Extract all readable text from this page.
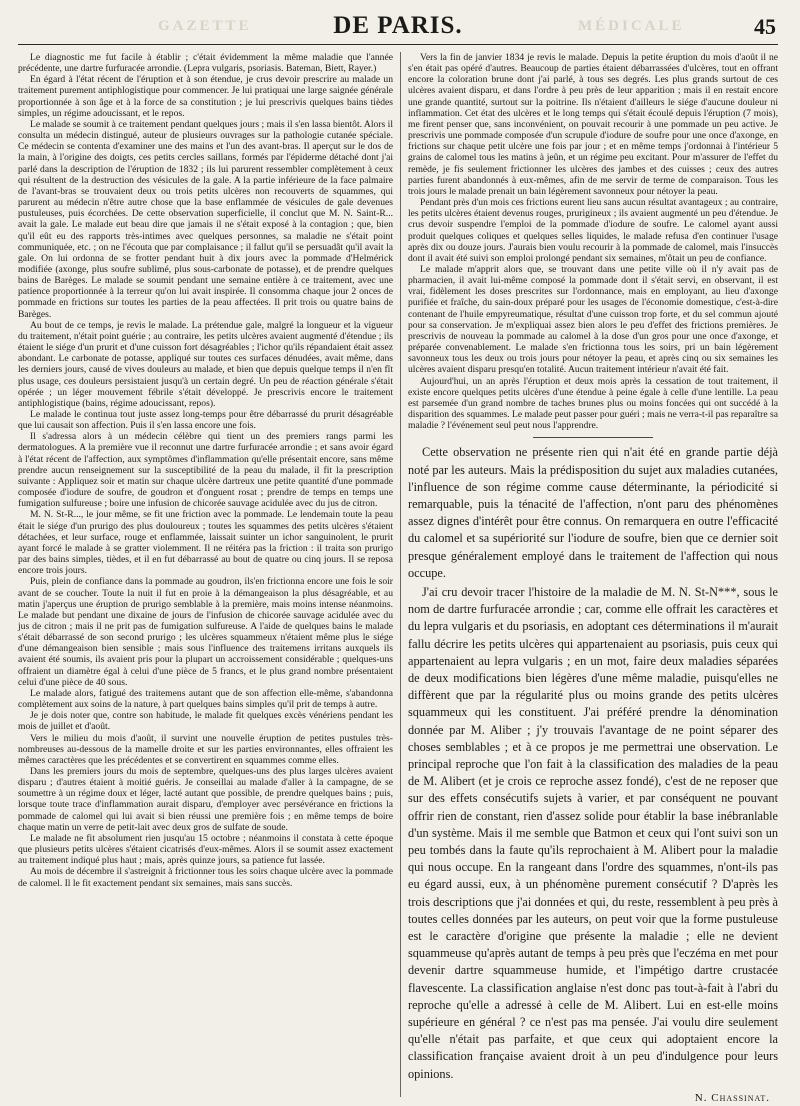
GAZETTE	MÉDICALE
DE PARIS.	45

Le diagnostic me fut facile à établir ; c'était évidemment la même maladie que l'année précédente, une dartre furfuracée arrondie. (Lepra vulgaris, psoriasis. Bateman, Biett, Rayer.)

En égard à l'état récent de l'éruption et à son étendue, je crus devoir prescrire au malade un traitement purement antiphlogistique pour commencer. Je lui pratiquai une large saignée générale proportionnée à son âge et à la force de sa constitution ; je lui prescrivis quelques bains tièdes simples, un régime adoucissant, et le repos.

Le malade se soumit à ce traitement pendant quelques jours ; mais il s'en lassa bientôt. Alors il consulta un médecin distingué, auteur de plusieurs ouvrages sur la pathologie cutanée spéciale. Ce médecin se contenta d'examiner une des mains et l'un des avant-bras. Il aperçut sur le dos de la main, à l'origine des doigts, ces petits cercles saillans, formés par l'épiderme détaché dont j'ai parlé dans la description de l'éruption de 1832 ; ils lui parurent ressembler complètement à ceux qui résultent de la destruction des vésicules de la gale. A la partie inférieure de la face palmaire de l'avant-bras se trouvaient deux ou trois petits ulcères non recouverts de squammes, qui parurent au médecin n'être autre chose que la base enflammée de vésicules de gale devenues pustuleuses, puis écorchées. De cette observation superficielle, il conclut que M. N. Saint-R... avait la gale. Le malade eut beau dire que jamais il ne s'était exposé à la contagion ; que, bien qu'il eût eu des rapports très-intimes avec quelques personnes, sa maladie ne s'était point communiquée, etc. ; on ne l'écouta que par complaisance ; il fallut qu'il se persuadât qu'il avait la gale. On lui ordonna de se frotter pendant huit à dix jours avec la pommade d'Helmérick modifiée (axonge, plus soufre sublimé, plus sous-carbonate de potasse), et de prendre quelques bains de Barèges. Le malade se soumit pendant une semaine entière à ce traitement, avec une patience proportionnée à la terreur qu'on lui avait inspirée. Il consomma chaque jour 2 onces de pommade en frictions sur toutes les parties de la peau affectées. Il prit trois ou quatre bains de Barèges.

Au bout de ce temps, je revis le malade. La prétendue gale, malgré la longueur et la vigueur du traitement, n'était point guérie ; au contraire, les petits ulcères avaient augmenté d'étendue ; ils étaient le siége d'un prurit et d'une cuisson fort désagréables ; l'ichor qu'ils répandaient était assez abondant. Le carbonate de potasse, appliqué sur toutes ces surfaces dénudées, avait même, dans les derniers jours, causé de vives douleurs au malade, et bien que depuis quelque temps il n'en fît plus usage, ces douleurs persistaient jusqu'à un certain degré. Un peu de réaction générale s'était opérée ; un léger mouvement fébrile s'était développé. Je prescrivis encore le traitement antiphlogistique (bains, régime adoucissant, repos).

Le malade le continua tout juste assez long-temps pour être débarrassé du prurit désagréable que lui causait son affection. Puis il s'en lassa encore une fois.

Il s'adressa alors à un médecin célèbre qui tient un des premiers rangs parmi les dermatologues. A la première vue il reconnut une dartre furfuracée arrondie ; et sans avoir égard à l'état récent de l'affection, aux symptômes d'inflammation qu'elle présentait encore, sans même prendre aucun renseignement sur la susceptibilité de la peau du malade, il fit la prescription suivante : Appliquez soir et matin sur chaque ulcère dartreux une petite quantité d'une pommade composée d'iodure de soufre, de goudron et d'onguent rosat ; prendre de temps en temps une fumigation sulfureuse ; boire une infusion de chicorée sauvage acidulée avec du jus de citron.

M. N. St-R..., le jour même, se fit une friction avec la pommade. Le lendemain toute la peau était le siége d'un prurigo des plus douloureux ; toutes les squammes des petits ulcères s'étaient détachées, et leur surface, rouge et enflammée, laissait suinter un ichor sanguinolent, le prurit ayant forcé le malade à se gratter violemment. Il ne réitéra pas la friction : il traita son prurigo par des bains simples, tièdes, et il en fut débarrassé au bout de quatre ou cinq jours. Il se reposa encore trois jours.

Puis, plein de confiance dans la pommade au goudron, ils'en frictionna encore une fois le soir avant de se coucher. Toute la nuit il fut en proie à la démangeaison la plus désagréable, et au matin j'aperçus une éruption de prurigo semblable à la première, mais moins intense néanmoins. Le malade but pendant une dixaine de jours de l'infusion de chicorée sauvage acidulée avec du jus de citron ; mais il ne prit pas de fumigation sulfureuse. A l'aide de quelques bains le malade s'était débarrassé de son second prurigo ; les ulcères squammeux n'étaient même plus le siége d'une démangeaison bien sensible ; mais sous l'influence des traitemens irritans auxquels ils avaient été soumis, ils avaient pris pour la plupart un accroissement considérable ; quelques-uns offraient un diamètre égal à celui d'une pièce de 5 francs, et le plus grand nombre présentaient celui d'une pièce de 40 sous.

Le malade alors, fatigué des traitemens autant que de son affection elle-même, s'abandonna complètement aux soins de la nature, à part quelques bains simples qu'il prit de temps à autre.

Je je dois noter que, contre son habitude, le malade fit quelques excès vénériens pendant les mois de juillet et d'août.

Vers le milieu du mois d'août, il survint une nouvelle éruption de petites pustules très-nombreuses au-dessous de la mamelle droite et sur les parties environnantes, elles offraient les mêmes caractères que les précédentes et se convertirent en squammes comme elles.

Dans les premiers jours du mois de septembre, quelques-uns des plus larges ulcères avaient disparu ; d'autres étaient à moitié guéris. Je conseillai au malade d'aller à la campagne, de se soumettre à un régime doux et léger, lacté autant que possible, de prendre quelques bains ; puis, lorsque toute trace d'inflammation aurait disparu, d'employer avec persévérance en frictions la pommade de calomel qui lui avait si bien réussi une première fois ; en même temps de boire chaque matin un verre de petit-lait avec deux gros de sulfate de soude.

Le malade ne fit absolument rien jusqu'au 15 octobre ; néanmoins il constata à cette époque que plusieurs petits ulcères s'étaient cicatrisés d'eux-mêmes. Alors il se soumit assez exactement au traitement indiqué plus haut ; mais, après quinze jours, sa patience fut lassée.

Au mois de décembre il s'astreignit à frictionner tous les soirs chaque ulcère avec la pommade de calomel. Il le fit exactement pendant six semaines, mais sans succès.

Vers la fin de janvier 1834 je revis le malade. Depuis la petite éruption du mois d'août il ne s'en était pas opéré d'autres. Beaucoup de parties étaient débarrassées d'ulcères, tout en offrant encore la coloration brune dont j'ai parlé, à tous ses degrés. Les plus grands surtout de ces ulcères avaient disparu, et dans l'ordre à peu près de leur apparition ; mais il en restait encore une grande quantité, surtout sur la poitrine. Ils n'étaient d'ailleurs le siége d'aucune douleur ni inflammation. Cet état des ulcères et le long temps qui s'était écoulé depuis l'éruption (7 mois), me firent penser que, sans inconvénient, on pouvait recourir à une pommade un peu active. Je prescrivis une pommade composée d'un scrupule d'iodure de soufre pour une once d'axonge, en frictions sur chaque petit ulcère une fois par jour ; et en même temps j'ordonnai à l'intérieur 5 grains de calomel tous les matins à jeûn, et un régime peu excitant. Pour m'assurer de l'effet du remède, je fis seulement frictionner les ulcères des jambes et des cuisses ; ceux des autres parties furent abandonnés à eux-mêmes, afin de me servir de terme de comparaison. Tous les trois jours le malade prenait un bain légèrement savonneux pour nétoyer la peau.

Pendant près d'un mois ces frictions eurent lieu sans aucun résultat avantageux ; au contraire, les petits ulcères étaient devenus rouges, prurigineux ; ils avaient augmenté un peu d'étendue. Je crus devoir suspendre l'emploi de la pommade d'iodure de soufre. Le calomel ayant aussi produit quelques coliques et quelques selles liquides, le malade refusa d'en continuer l'usage après dix ou douze jours. J'aurais bien voulu recourir à la pommade de calomel, mais l'insuccès dont il avait été suivi son emploi prolongé pendant six semaines, m'ôtait un peu de confiance.

Le malade m'apprit alors que, se trouvant dans une petite ville où il n'y avait pas de pharmacien, il avait lui-même composé la pommade dont il s'était servi, en observant, il est vrai, fidèlement les doses prescrites sur l'ordonnance, mais en employant, au lieu d'axonge purifiée et fraîche, du sain-doux préparé pour les usages de l'économie domestique, c'est-à-dire contenant de l'huile empyreumatique, résultat d'une cuisson trop forte, et du sel commun ajouté pour sa conservation. Je m'expliquai assez bien alors le peu d'effet des frictions premières. Je prescrivis de nouveau la pommade au calomel à la dose d'un gros pour une once d'axonge, et préparée convenablement. Le malade s'en frictionna tous les soirs, pri un bain légèrement savonneux tous les deux ou trois jours pour nétoyer la peau, et après cinq ou six semaines les ulcères avaient disparu presqu'en totalité. Aucun traitement intérieur n'avait été fait.

Aujourd'hui, un an après l'éruption et deux mois après la cessation de tout traitement, il existe encore quelques petits ulcères d'une étendue à peine égale à celle d'une lentille. La peau est parsemée d'un grand nombre de taches brunes plus ou moins foncées qui ont succédé à la disparition des squammes. Le malade peut passer pour guéri ; mais ne verra-t-il pas reparaître sa maladie ? l'événement seul peut nous l'apprendre.

Cette observation ne présente rien qui n'ait été en grande partie déjà noté par les auteurs. Mais la prédisposition du sujet aux maladies cutanées, l'influence de son régime comme cause déterminante, la périodicité si remarquable, puis la ténacité de l'affection, n'ont paru des phénomènes assez dignes d'intérêt pour être connus. On remarquera en outre l'efficacité du calomel et sa supériorité sur l'iodure de soufre, bien que ce dernier soit presque généralement employé dans le traitement de l'affection qui nous occupe.

J'ai cru devoir tracer l'histoire de la maladie de M. N. St-N***, sous le nom de dartre furfuracée arrondie ; car, comme elle offrait les caractères et du lepra vulgaris et du psoriasis, en adoptant ces déterminations il m'aurait fallu décrire les petits ulcères qui appartenaient au psoriasis, puis ceux qui appartenaient au lepra vulgaris ; en un mot, faire deux maladies séparées de deux modifications bien légères d'une même maladie, puisqu'elles ne diffèrent que par la régularité plus ou moins grande des petits ulcères squammeux qui les constituent. J'ai préféré prendre la dénomination donnée par M. Aliber ; j'y trouvais l'avantage de ne point séparer des choses semblables ; et à ce propos je me permettrai une observation. Le principal reproche que l'on fait à la classification des maladies de la peau de M. Alibert (et je crois ce reproche assez fondé), c'est de ne reposer que sur des effets consécutifs sujets à varier, et par conséquent ne pouvant offrir rien de constant, rien d'assez solide pour établir la base inébranlable d'un système. Mais il me semble que Batmon et ceux qui l'ont suivi son un peu tombés dans la faute qu'ils reprochaient à M. Alibert pour la maladie qui nous occupe. En la rangeant dans l'ordre des squammes, n'ont-ils pas eu égard aussi, eux, à un phénomène purement consécutif ? D'après les trois descriptions que j'ai données et qui, du reste, ressemblent à peu près à toutes celles données par les auteurs, on peut voir que la forme pustuleuse est le caractère d'origine que présente la maladie ; elle ne devient squammeuse qu'après autant de temps à peu près que l'eczéma en met pour devenir dartre squammeuse humide, et l'impétigo dartre crustacée flavescente. La classification anglaise n'est donc pas tout-à-fait à l'abri du reproche qu'elle a adressé à celle de M. Alibert. Lui en est-elle moins supérieure en général ? ce n'est pas ma pensée. J'ai voulu dire seulement qu'elle n'était pas parfaite, et que ceux qui adoptaient encore la classification française avaient droit à un peu d'indulgence pour leurs opinions.

N. Chassinat.
